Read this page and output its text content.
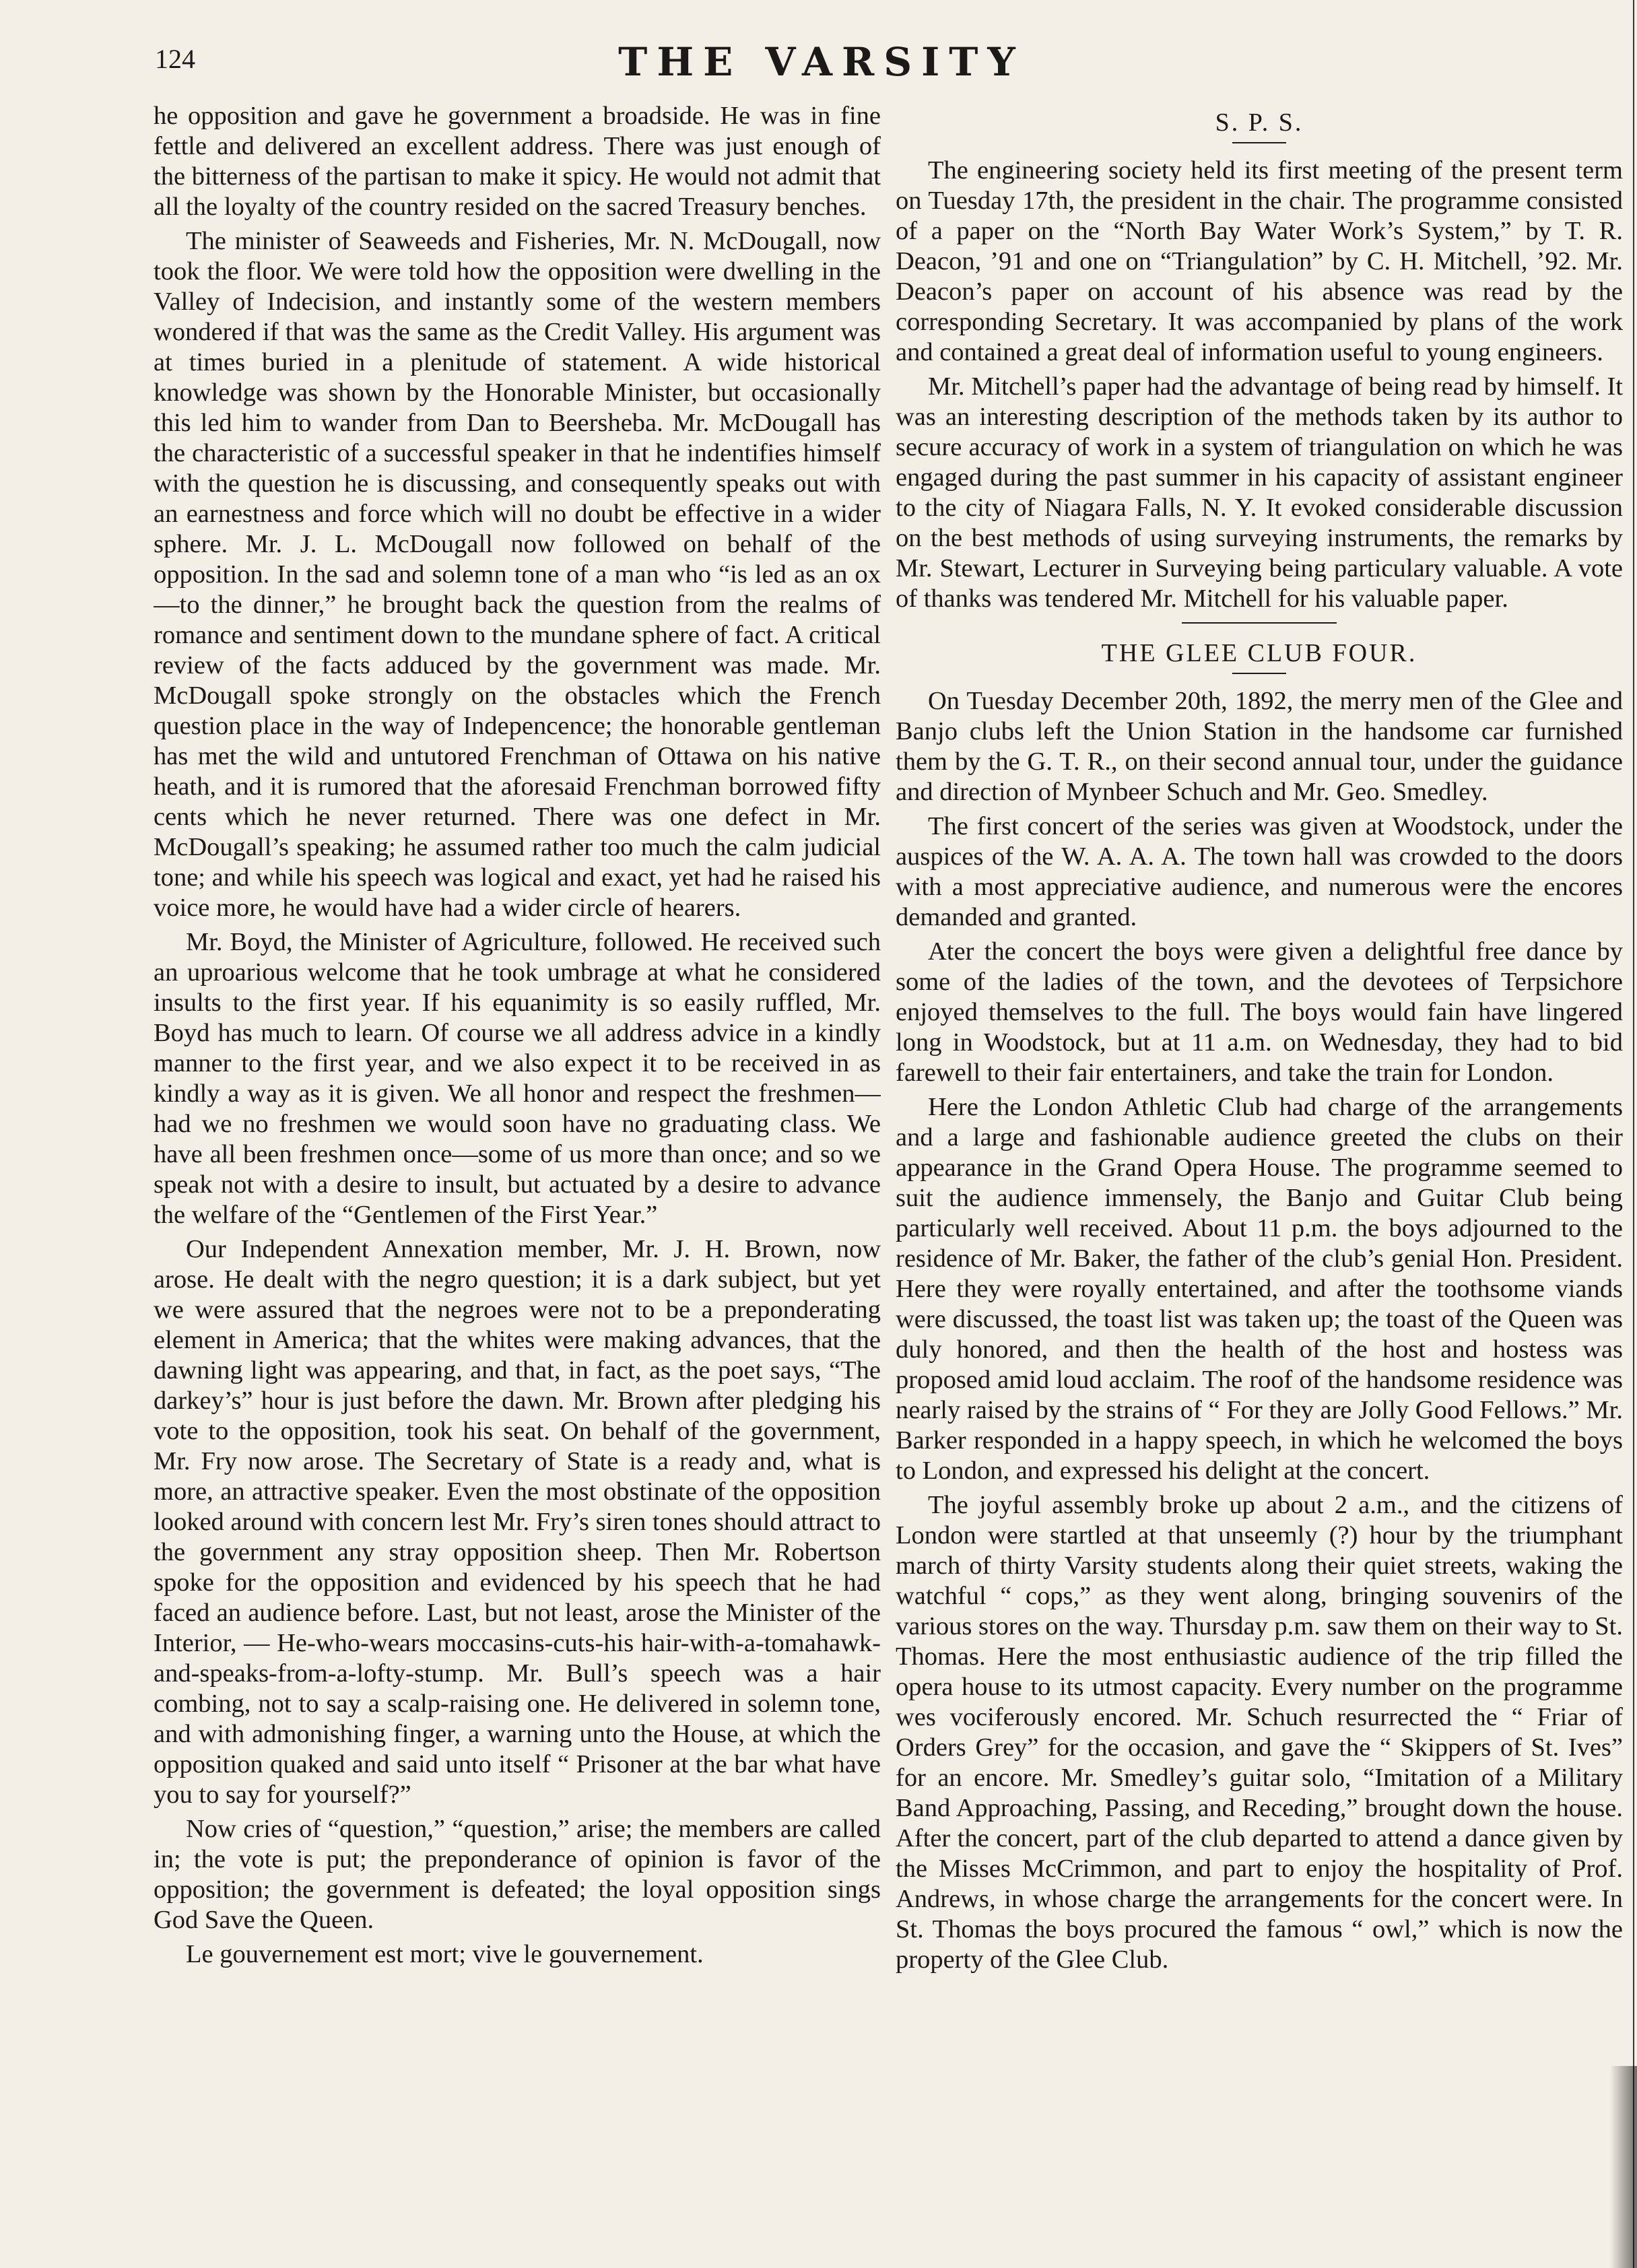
124	THE VARSITY

he opposition and gave he government a broadside. He was in fine fettle and delivered an excellent address. There was just enough of the bitterness of the partisan to make it spicy. He would not admit that all the loyalty of the country resided on the sacred Treasury benches.

The minister of Seaweeds and Fisheries, Mr. N. McDougall, now took the floor. We were told how the opposition were dwelling in the Valley of Indecision, and instantly some of the western members wondered if that was the same as the Credit Valley. His argument was at times buried in a plenitude of statement. A wide historical knowledge was shown by the Honorable Minister, but occasionally this led him to wander from Dan to Beersheba. Mr. McDougall has the characteristic of a successful speaker in that he indentifies himself with the question he is discussing, and consequently speaks out with an earnestness and force which will no doubt be effective in a wider sphere. Mr. J. L. McDougall now followed on behalf of the opposition. In the sad and solemn tone of a man who “is led as an ox—to the dinner,” he brought back the question from the realms of romance and sentiment down to the mundane sphere of fact. A critical review of the facts adduced by the government was made. Mr. McDougall spoke strongly on the obstacles which the French question place in the way of Indepencence; the honorable gentleman has met the wild and untutored Frenchman of Ottawa on his native heath, and it is rumored that the aforesaid Frenchman borrowed fifty cents which he never returned. There was one defect in Mr. McDougall’s speaking; he assumed rather too much the calm judicial tone; and while his speech was logical and exact, yet had he raised his voice more, he would have had a wider circle of hearers.

Mr. Boyd, the Minister of Agriculture, followed. He received such an uproarious welcome that he took umbrage at what he considered insults to the first year. If his equanimity is so easily ruffled, Mr. Boyd has much to learn. Of course we all address advice in a kindly manner to the first year, and we also expect it to be received in as kindly a way as it is given. We all honor and respect the freshmen—had we no freshmen we would soon have no graduating class. We have all been freshmen once—some of us more than once; and so we speak not with a desire to insult, but actuated by a desire to advance the welfare of the “Gentlemen of the First Year.”

Our Independent Annexation member, Mr. J. H. Brown, now arose. He dealt with the negro question; it is a dark subject, but yet we were assured that the negroes were not to be a preponderating element in America; that the whites were making advances, that the dawning light was appearing, and that, in fact, as the poet says, “The darkey’s” hour is just before the dawn. Mr. Brown after pledging his vote to the opposition, took his seat. On behalf of the government, Mr. Fry now arose. The Secretary of State is a ready and, what is more, an attractive speaker. Even the most obstinate of the opposition looked around with concern lest Mr. Fry’s siren tones should attract to the government any stray opposition sheep. Then Mr. Robertson spoke for the opposition and evidenced by his speech that he had faced an audience before. Last, but not least, arose the Minister of the Interior, — He-who-wears moccasins-cuts-his hair-with-a-tomahawk-and-speaks-from-a-lofty-stump. Mr. Bull’s speech was a hair combing, not to say a scalp-raising one. He delivered in solemn tone, and with admonishing finger, a warning unto the House, at which the opposition quaked and said unto itself “ Prisoner at the bar what have you to say for yourself?”

Now cries of “question,” “question,” arise; the members are called in; the vote is put; the preponderance of opinion is favor of the opposition; the government is defeated; the loyal opposition sings God Save the Queen.

Le gouvernement est mort; vive le gouvernement.

S. P. S.

The engineering society held its first meeting of the present term on Tuesday 17th, the president in the chair. The programme consisted of a paper on the “North Bay Water Work’s System,” by T. R. Deacon, ’91 and one on “Triangulation” by C. H. Mitchell, ’92. Mr. Deacon’s paper on account of his absence was read by the corresponding Secretary. It was accompanied by plans of the work and contained a great deal of information useful to young engineers.

Mr. Mitchell’s paper had the advantage of being read by himself. It was an interesting description of the methods taken by its author to secure accuracy of work in a system of triangulation on which he was engaged during the past summer in his capacity of assistant engineer to the city of Niagara Falls, N. Y. It evoked considerable discussion on the best methods of using surveying instruments, the remarks by Mr. Stewart, Lecturer in Surveying being particulary valuable. A vote of thanks was tendered Mr. Mitchell for his valuable paper.

THE GLEE CLUB FOUR.

On Tuesday December 20th, 1892, the merry men of the Glee and Banjo clubs left the Union Station in the handsome car furnished them by the G. T. R., on their second annual tour, under the guidance and direction of Mynbeer Schuch and Mr. Geo. Smedley.

The first concert of the series was given at Woodstock, under the auspices of the W. A. A. A. The town hall was crowded to the doors with a most appreciative audience, and numerous were the encores demanded and granted.

Ater the concert the boys were given a delightful free dance by some of the ladies of the town, and the devotees of Terpsichore enjoyed themselves to the full. The boys would fain have lingered long in Woodstock, but at 11 a.m. on Wednesday, they had to bid farewell to their fair entertainers, and take the train for London.

Here the London Athletic Club had charge of the arrangements and a large and fashionable audience greeted the clubs on their appearance in the Grand Opera House. The programme seemed to suit the audience immensely, the Banjo and Guitar Club being particularly well received. About 11 p.m. the boys adjourned to the residence of Mr. Baker, the father of the club’s genial Hon. President. Here they were royally entertained, and after the toothsome viands were discussed, the toast list was taken up; the toast of the Queen was duly honored, and then the health of the host and hostess was proposed amid loud acclaim. The roof of the handsome residence was nearly raised by the strains of “ For they are Jolly Good Fellows.” Mr. Barker responded in a happy speech, in which he welcomed the boys to London, and expressed his delight at the concert.

The joyful assembly broke up about 2 a.m., and the citizens of London were startled at that unseemly (?) hour by the triumphant march of thirty Varsity students along their quiet streets, waking the watchful “ cops,” as they went along, bringing souvenirs of the various stores on the way. Thursday p.m. saw them on their way to St. Thomas. Here the most enthusiastic audience of the trip filled the opera house to its utmost capacity. Every number on the programme wes vociferously encored. Mr. Schuch resurrected the “ Friar of Orders Grey” for the occasion, and gave the “ Skippers of St. Ives” for an encore. Mr. Smedley’s guitar solo, “Imitation of a Military Band Approaching, Passing, and Receding,” brought down the house. After the concert, part of the club departed to attend a dance given by the Misses McCrimmon, and part to enjoy the hospitality of Prof. Andrews, in whose charge the arrangements for the concert were. In St. Thomas the boys procured the famous “ owl,” which is now the property of the Glee Club.
